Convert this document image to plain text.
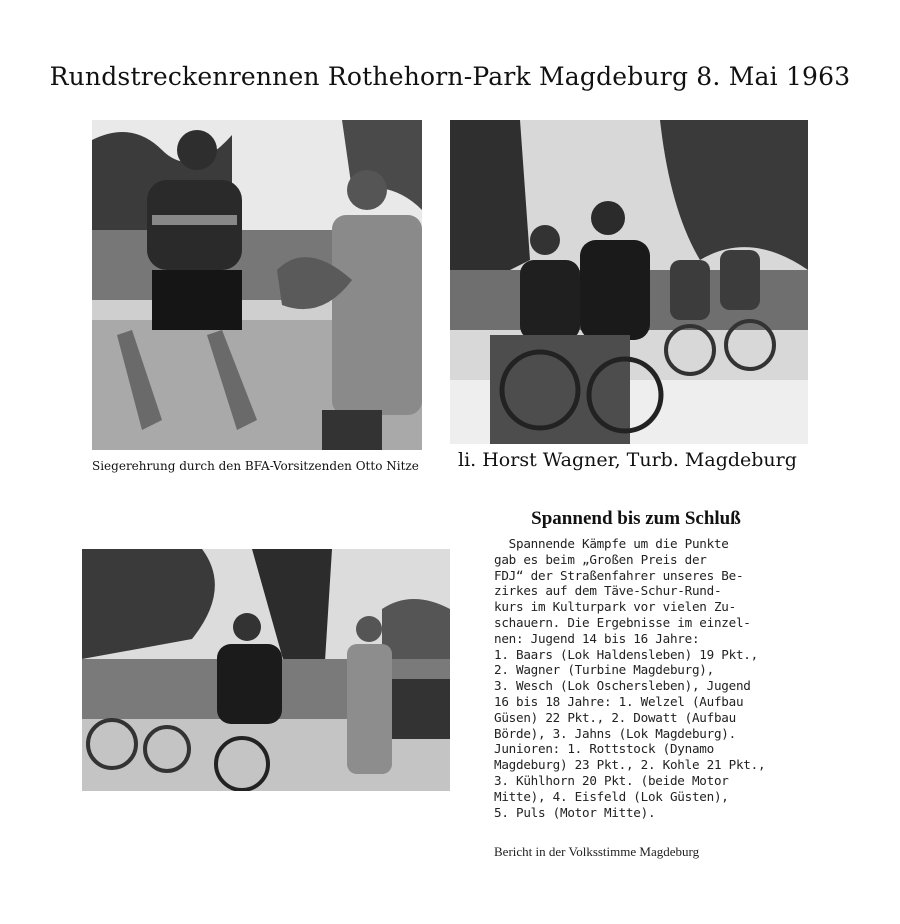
Rundstreckenrennen Rothehorn-Park Magdeburg 8. Mai 1963
Siegerehrung durch den BFA-Vorsitzenden Otto Nitze	li. Horst Wagner, Turb. Magdeburg
Spannend bis zum Schluß
Spannende Kämpfe um die Punkte
gab es beim „Großen Preis der
FDJ“ der Straßenfahrer unseres Be-
zirkes auf dem Täve-Schur-Rund-
kurs im Kulturpark vor vielen Zu-
schauern. Die Ergebnisse im einzel-
nen: Jugend 14 bis 16 Jahre:
1. Baars (Lok Haldensleben) 19 Pkt.,
2. Wagner (Turbine Magdeburg),
3. Wesch (Lok Oschersleben), Jugend
16 bis 18 Jahre: 1. Welzel (Aufbau
Güsen) 22 Pkt., 2. Dowatt (Aufbau
Börde), 3. Jahns (Lok Magdeburg).
Junioren: 1. Rottstock (Dynamo
Magdeburg) 23 Pkt., 2. Kohle 21 Pkt.,
3. Kühlhorn 20 Pkt. (beide Motor
Mitte), 4. Eisfeld (Lok Güsten),
5. Puls (Motor Mitte).
Bericht in der Volksstimme Magdeburg
